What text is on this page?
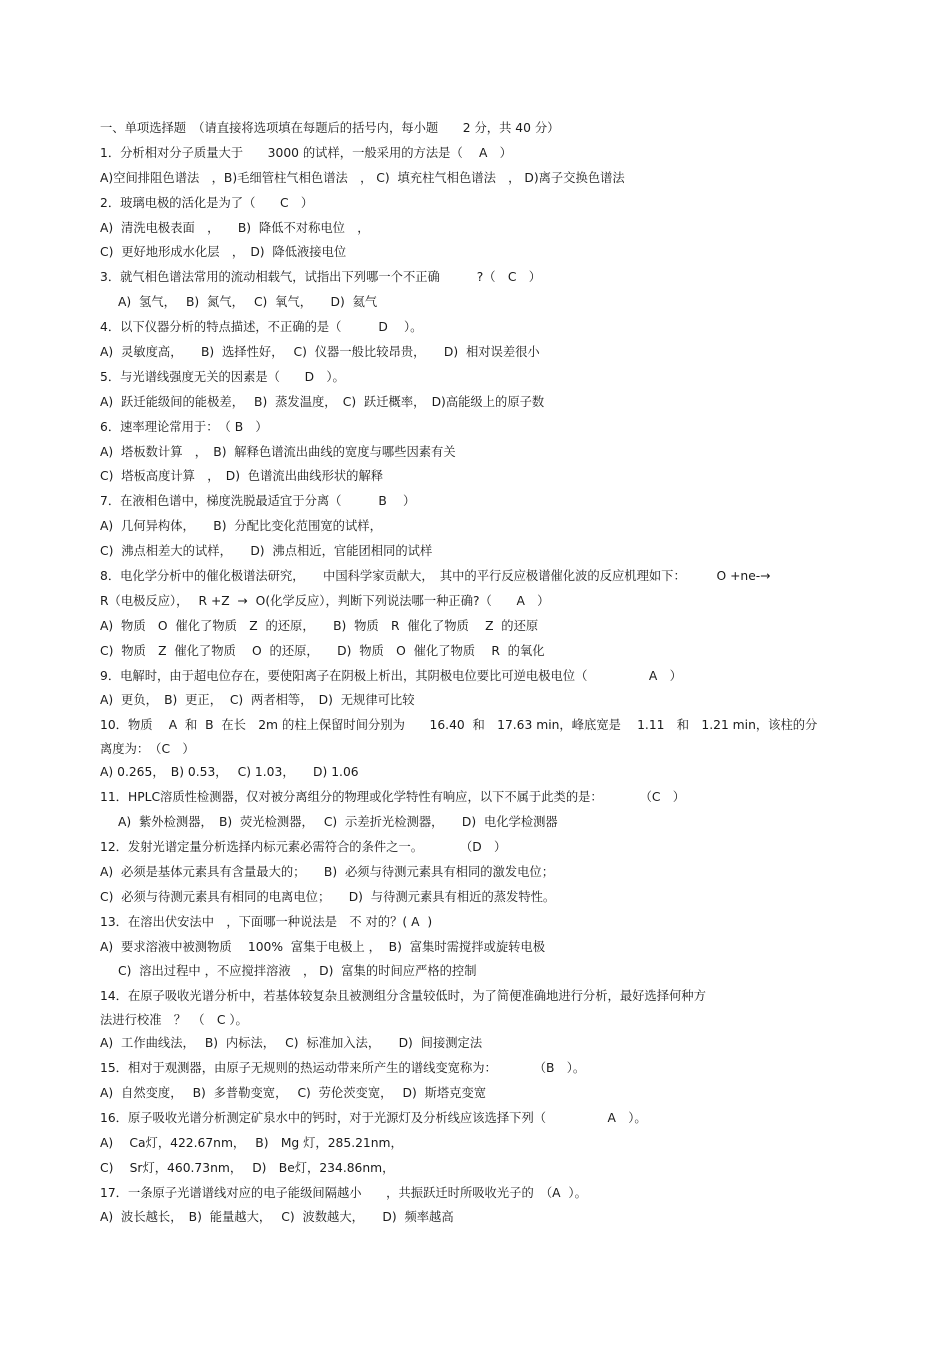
一、单项选择题　（请直接将选项填在每题后的括号内，每小题　　2 分，共 40 分）
1．分析相对分子质量大于　　3000 的试样，一般采用的方法是（　 A　）
A)空间排阻色谱法　，B)毛细管柱气相色谱法　， C)  填充柱气相色谱法　， D)离子交换色谱法
2．玻璃电极的活化是为了（　　C　）
A)  清洗电极表面　，　　B)  降低不对称电位　，
C)  更好地形成水化层　，　D)  降低液接电位
3．就气相色谱法常用的流动相载气，试指出下列哪一个不正确　　　?（　C　）
A)  氢气，　 B)  氮气，　 C)  氧气，　　D)  氦气
4．以下仪器分析的特点描述，不正确的是（　　　D　 ）。
A)  灵敏度高，　　B)  选择性好，　 C)  仪器一般比较昂贵，　　D)  相对误差很小
5．与光谱线强度无关的因素是（　　D　）。
A)  跃迁能级间的能极差，　 B)  蒸发温度，　C)  跃迁概率，　D)高能级上的原子数
6．速率理论常用于：　（ B　）
A)  塔板数计算　，　B)  解释色谱流出曲线的宽度与哪些因素有关
C)  塔板高度计算　，　D)  色谱流出曲线形状的解释
7．在液相色谱中，梯度洗脱最适宜于分离（　　　B　 ）
A)  几何异构体，　　B)  分配比变化范围宽的试样，
C)  沸点相差大的试样，　　D)  沸点相近，官能团相同的试样
8．电化学分析中的催化极谱法研究，　　中国科学家贡献大，　其中的平行反应极谱催化波的反应机理如下：　　　O +ne-→
R（电极反应），　 R +Z  →  O(化学反应），判断下列说法哪一种正确?（　　A　）
A)  物质　O  催化了物质　Z  的还原，　　B)  物质　R  催化了物质　 Z  的还原
C)  物质　Z  催化了物质　 O  的还原，　　D)  物质　O  催化了物质　 R  的氧化
9．电解时，由于超电位存在，要使阳离子在阴极上析出，其阴极电位要比可逆电极电位（　　　　　A　）
A)  更负，　B)  更正，  C)  两者相等，　D)  无规律可比较
10．物质　 A  和  B  在长　2m 的柱上保留时间分别为　　16.40  和　17.63 min，峰底宽是　 1.11　和　1.21 min，该柱的分
离度为：　（C　）
A) 0.265，　B) 0.53，　 C) 1.03，　　D) 1.06
11．HPLC溶质性检测器，仅对被分离组分的物理或化学特性有响应，以下不属于此类的是：　　　　（C　）
A)  紫外检测器，　B)  荧光检测器，　 C)  示差折光检测器，　　D)  电化学检测器
12．发射光谱定量分析选择内标元素必需符合的条件之一。　　　　（D　）
A)  必须是基体元素具有含量最大的；　　B)  必须与待测元素具有相同的激发电位；
C)  必须与待测元素具有相同的电离电位；　　D)  与待测元素具有相近的蒸发特性。
13．在溶出伏安法中　，下面哪一种说法是　不 对的？( A  )
A)  要求溶液中被测物质　 100%  富集于电极上 ，  B)  富集时需搅拌或旋转电极
C)  溶出过程中 ，不应搅拌溶液　， D)  富集的时间应严格的控制
14．在原子吸收光谱分析中，若基体较复杂且被测组分含量较低时，为了简便准确地进行分析，最好选择何种方
法进行校准　？　（　C ）。
A)  工作曲线法，　 B)  内标法，　 C)  标准加入法，　　D)  间接测定法
15．相对于观测器，由原子无规则的热运动带来所产生的谱线变宽称为：　　　　（B　）。
A)  自然变度，　 B)  多普勒变宽，　 C)  劳伦茨变宽，　 D)  斯塔克变宽
16．原子吸收光谱分析测定矿泉水中的钙时，对于光源灯及分析线应该选择下列（　　　　　A　）。
A)　 Ca灯，422.67nm，　 B)　Mg 灯，285.21nm，
C)　 Sr灯，460.73nm，　 D)　Be灯，234.86nm，
17．一条原子光谱谱线对应的电子能级间隔越小　　，共振跃迁时所吸收光子的　（A  ）。
A)  波长越长，　B)  能量越大，　 C)  波数越大，　　D)  频率越高
